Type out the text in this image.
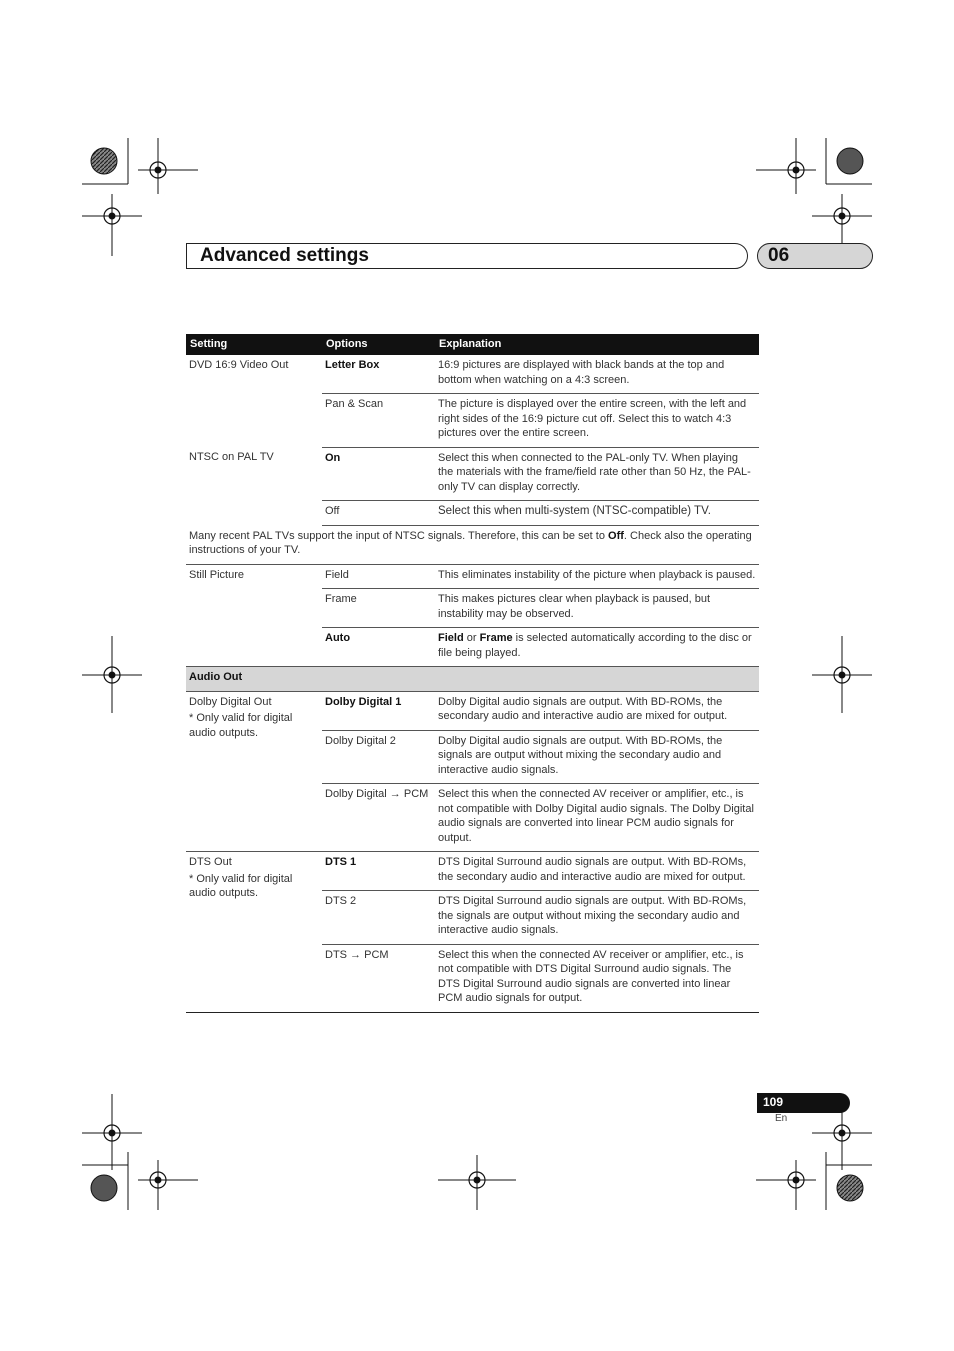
Advanced settings	06
Setting	Options	Explanation
DVD 16:9 Video Out	Letter Box	16:9 pictures are displayed with black bands at the top and bottom when watching on a 4:3 screen.
	Pan & Scan	The picture is displayed over the entire screen, with the left and right sides of the 16:9 picture cut off. Select this to watch 4:3 pictures over the entire screen.
NTSC on PAL TV	On	Select this when connected to the PAL-only TV. When playing the materials with the frame/field rate other than 50 Hz, the PAL-only TV can display correctly.
	Off	Select this when multi-system (NTSC-compatible) TV.
Many recent PAL TVs support the input of NTSC signals. Therefore, this can be set to Off. Check also the operating instructions of your TV.		
Still Picture	Field	This eliminates instability of the picture when playback is paused.
	Frame	This makes pictures clear when playback is paused, but instability may be observed.
	Auto	Field or Frame is selected automatically according to the disc or file being played.
Audio Out		

Dolby Digital Out
* Only valid for digital audio outputs.	Dolby Digital 1	Dolby Digital audio signals are output. With BD-ROMs, the secondary audio and interactive audio are mixed for output.
	Dolby Digital 2	Dolby Digital audio signals are output. With BD-ROMs, the signals are output without mixing the secondary audio and interactive audio signals.
	Dolby Digital → PCM	Select this when the connected AV receiver or amplifier, etc., is not compatible with Dolby Digital audio signals. The Dolby Digital audio signals are converted into linear PCM audio signals for output.

DTS Out
* Only valid for digital audio outputs.	DTS 1	DTS Digital Surround audio signals are output. With BD-ROMs, the secondary audio and interactive audio are mixed for output.
	DTS 2	DTS Digital Surround audio signals are output. With BD-ROMs, the signals are output without mixing the secondary audio and interactive audio signals.
	DTS → PCM	Select this when the connected AV receiver or amplifier, etc., is not compatible with DTS Digital Surround audio signals. The DTS Digital Surround audio signals are converted into linear PCM audio signals for output.
109
En
